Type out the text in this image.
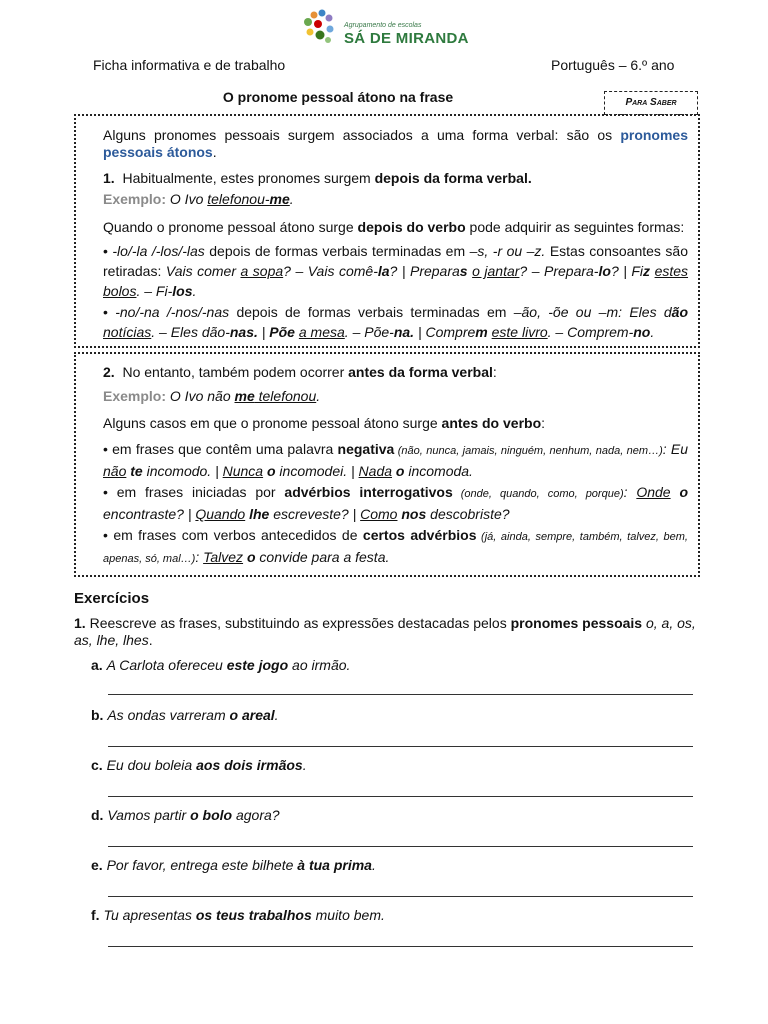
Agrupamento de escolas
SÁ DE MIRANDA
Ficha informativa e de trabalho	Português – 6.º ano
O pronome pessoal átono na frase	Para Saber
Alguns pronomes pessoais surgem associados a uma forma verbal: são os pronomes pessoais átonos.
1. Habitualmente, estes pronomes surgem depois da forma verbal.
Exemplo: O Ivo telefonou-me.
Quando o pronome pessoal átono surge depois do verbo pode adquirir as seguintes formas:
• -lo/-la /-los/-las depois de formas verbais terminadas em –s, -r ou –z. Estas consoantes são retiradas: Vais comer a sopa? – Vais comê-la? | Preparas o jantar? – Prepara-lo? | Fiz estes bolos. – Fi-los.
• -no/-na /-nos/-nas depois de formas verbais terminadas em –ão, -õe ou –m: Eles dão notícias. – Eles dão-nas. | Põe a mesa. – Põe-na. | Comprem este livro. – Comprem-no.
2. No entanto, também podem ocorrer antes da forma verbal:
Exemplo: O Ivo não me telefonou.
Alguns casos em que o pronome pessoal átono surge antes do verbo:
• em frases que contêm uma palavra negativa (não, nunca, jamais, ninguém, nenhum, nada, nem…): Eu não te incomodo. | Nunca o incomodei. | Nada o incomoda.
• em frases iniciadas por advérbios interrogativos (onde, quando, como, porque): Onde o encontraste? | Quando lhe escreveste? | Como nos descobriste?
• em frases com verbos antecedidos de certos advérbios (já, ainda, sempre, também, talvez, bem, apenas, só, mal…): Talvez o convide para a festa.
Exercícios
1. Reescreve as frases, substituindo as expressões destacadas pelos pronomes pessoais o, a, os, as, lhe, lhes.
a. A Carlota ofereceu este jogo ao irmão.
b. As ondas varreram o areal.
c. Eu dou boleia aos dois irmãos.
d. Vamos partir o bolo agora?
e. Por favor, entrega este bilhete à tua prima.
f. Tu apresentas os teus trabalhos muito bem.
